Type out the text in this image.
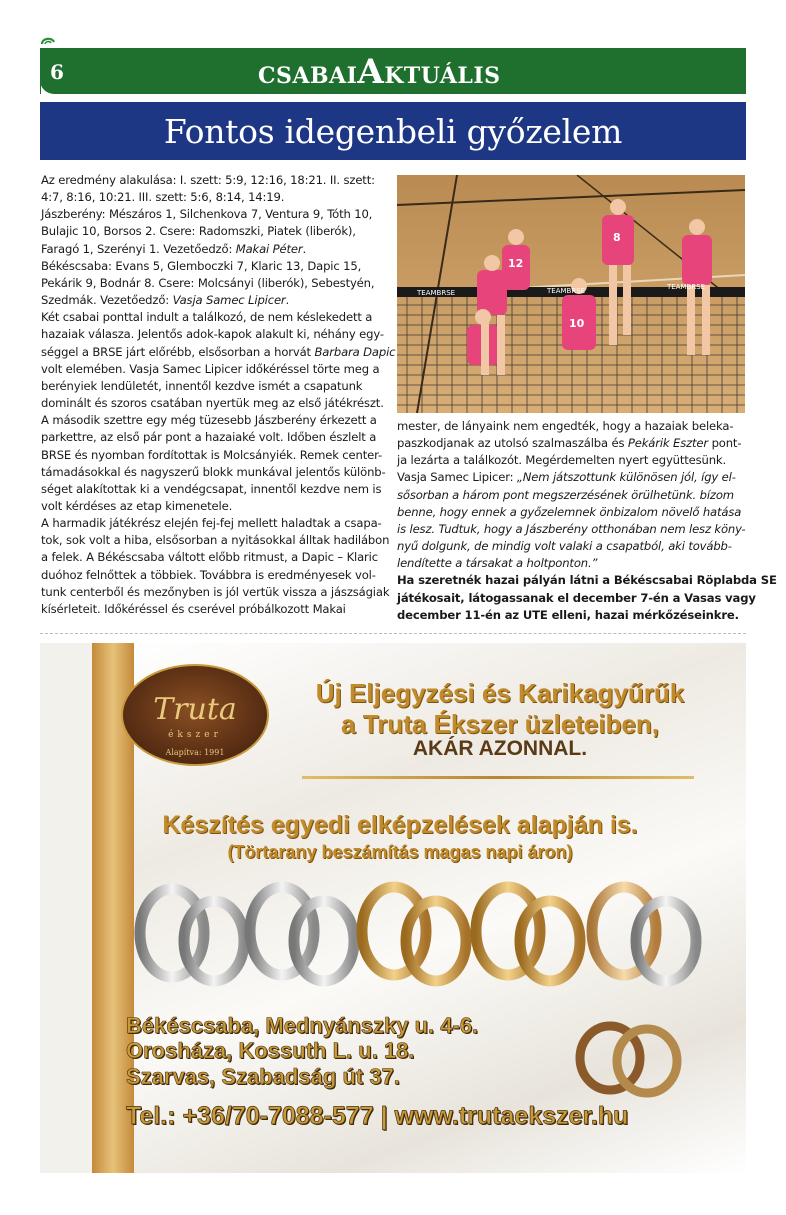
6	CSABAIAKTUÁLIS
Fontos idegenbeli győzelem

Az eredmény alakulása: I. szett: 5:9, 12:16, 18:21. II. szett:

4:7, 8:16, 10:21. III. szett: 5:6, 8:14, 14:19.

Jászberény: Mészáros 1, Silchenkova 7, Ventura 9, Tóth 10,

Bulajic 10, Borsos 2. Csere: Radomszki, Piatek (liberók),

Faragó 1, Szerényi 1. Vezetőedző: Makai Péter.

Békéscsaba: Evans 5, Glemboczki 7, Klaric 13, Dapic 15,

Pekárik 9, Bodnár 8. Csere: Molcsányi (liberók), Sebestyén,

Szedmák. Vezetőedző: Vasja Samec Lipicer.

Két csabai ponttal indult a találkozó, de nem késlekedett a

hazaiak válasza. Jelentős adok-kapok alakult ki, néhány egy-

séggel a BRSE járt előrébb, elsősorban a horvát Barbara Dapic

volt elemében. Vasja Samec Lipicer időkéréssel törte meg a

berényiek lendületét, innentől kezdve ismét a csapatunk

dominált és szoros csatában nyertük meg az első játékrészt.

A második szettre egy még tüzesebb Jászberény érkezett a

parkettre, az első pár pont a hazaiaké volt. Időben észlelt a

BRSE és nyomban fordítottak is Molcsányiék. Remek center-

támadásokkal és nagyszerű blokk munkával jelentős különb-

séget alakítottak ki a vendégcsapat, innentől kezdve nem is

volt kérdéses az etap kimenetele.

A harmadik játékrész elején fej-fej mellett haladtak a csapa-

tok, sok volt a hiba, elsősorban a nyitásokkal álltak hadilábon

a felek. A Békéscsaba váltott előbb ritmust, a Dapic – Klaric

duóhoz felnőttek a többiek. Továbbra is eredményesek vol-

tunk centerből és mezőnyben is jól vertük vissza a jászságiak

kísérleteit. Időkéréssel és cserével próbálkozott Makai

12
8
10
TEAMBRSE	TEAMBRSE	TEAMBRSE

mester, de lányaink nem engedték, hogy a hazaiak beleka-

paszkodjanak az utolsó szalmaszálba és Pekárik Eszter pont-

ja lezárta a találkozót. Megérdemelten nyert együttesünk.

Vasja Samec Lipicer: „Nem játszottunk különösen jól, így el-

sősorban a három pont megszerzésének örülhetünk. bízom

benne, hogy ennek a győzelemnek önbizalom növelő hatása

is lesz. Tudtuk, hogy a Jászberény otthonában nem lesz köny-

nyű dolgunk, de mindig volt valaki a csapatból, aki tovább-

lendítette a társakat a holtponton.”

Ha szeretnék hazai pályán látni a Békéscsabai Röplabda SE

játékosait, látogassanak el december 7-én a Vasas vagy

december 11-én az UTE elleni, hazai mérkőzéseinkre.

Truta
ékszer
Alapítva: 1991
Új Eljegyzési és Karikagyűrűk
a Truta Ékszer üzleteiben,
AKÁR AZONNAL.
Készítés egyedi elképzelések alapján is.
(Törtarany beszámítás magas napi áron)
Békéscsaba, Mednyánszky u. 4-6.
Orosháza, Kossuth L. u. 18.
Szarvas, Szabadság út 37.
Tel.: +36/70-7088-577 | www.trutaekszer.hu
